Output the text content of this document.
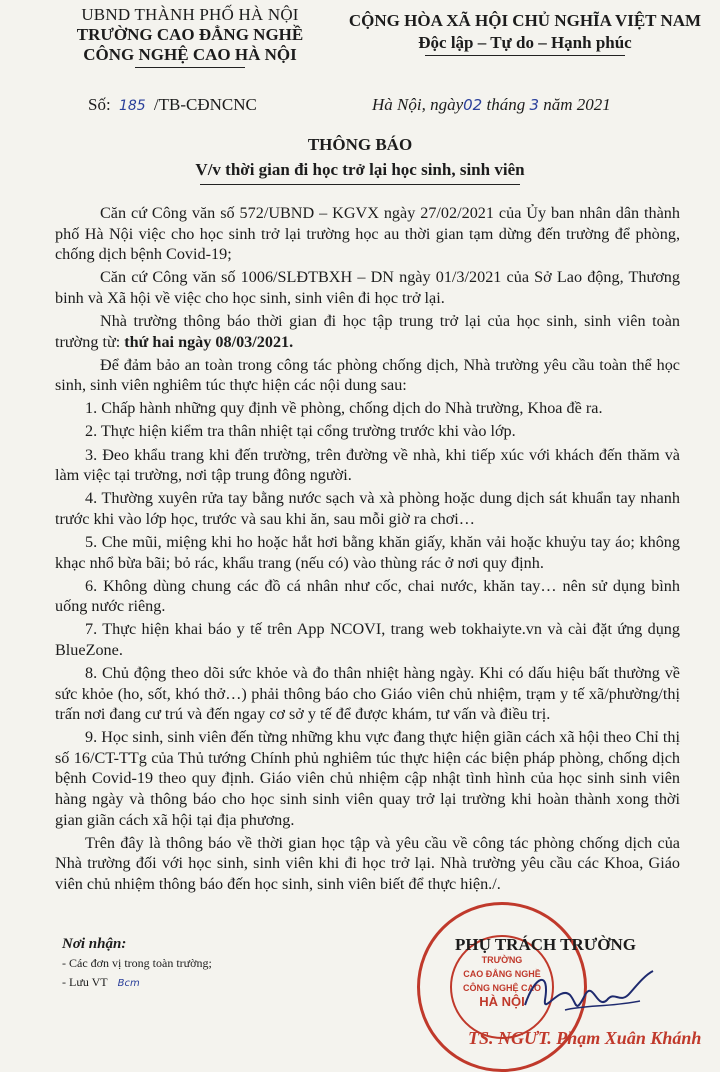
UBND THÀNH PHỐ HÀ NỘI
TRƯỜNG CAO ĐẲNG NGHỀ
CÔNG NGHỆ CAO HÀ NỘI
CỘNG HÒA XÃ HỘI CHỦ NGHĨA VIỆT NAM
Độc lập – Tự do – Hạnh phúc
Số: 185 /TB-CĐNCNC	Hà Nội, ngày02 tháng 3 năm 2021
THÔNG BÁO
V/v thời gian đi học trở lại học sinh, sinh viên

Căn cứ Công văn số 572/UBND – KGVX ngày 27/02/2021 của Ủy ban nhân dân thành phố Hà Nội việc cho học sinh trở lại trường học au thời gian tạm dừng đến trường để phòng, chống dịch bệnh Covid-19;

Căn cứ Công văn số 1006/SLĐTBXH – DN ngày 01/3/2021 của Sở Lao động, Thương binh và Xã hội về việc cho học sinh, sinh viên đi học trở lại.

Nhà trường thông báo thời gian đi học tập trung trở lại của học sinh, sinh viên toàn trường từ: thứ hai ngày 08/03/2021.

Để đảm bảo an toàn trong công tác phòng chống dịch, Nhà trường yêu cầu toàn thể học sinh, sinh viên nghiêm túc thực hiện các nội dung sau:

1. Chấp hành những quy định về phòng, chống dịch do Nhà trường, Khoa đề ra.

2. Thực hiện kiểm tra thân nhiệt tại cổng trường trước khi vào lớp.

3. Đeo khẩu trang khi đến trường, trên đường về nhà, khi tiếp xúc với khách đến thăm và làm việc tại trường, nơi tập trung đông người.

4. Thường xuyên rửa tay bằng nước sạch và xà phòng hoặc dung dịch sát khuẩn tay nhanh trước khi vào lớp học, trước và sau khi ăn, sau mỗi giờ ra chơi…

5. Che mũi, miệng khi ho hoặc hắt hơi bằng khăn giấy, khăn vải hoặc khuỷu tay áo; không khạc nhổ bừa bãi; bỏ rác, khẩu trang (nếu có) vào thùng rác ở nơi quy định.

6. Không dùng chung các đồ cá nhân như cốc, chai nước, khăn tay… nên sử dụng bình uống nước riêng.

7. Thực hiện khai báo y tế trên App NCOVI, trang web tokhaiyte.vn và cài đặt ứng dụng BlueZone.

8. Chủ động theo dõi sức khỏe và đo thân nhiệt hàng ngày. Khi có dấu hiệu bất thường về sức khỏe (ho, sốt, khó thở…) phải thông báo cho Giáo viên chủ nhiệm, trạm y tế xã/phường/thị trấn nơi đang cư trú và đến ngay cơ sở y tế để được khám, tư vấn và điều trị.

9. Học sinh, sinh viên đến từng những khu vực đang thực hiện giãn cách xã hội theo Chỉ thị số 16/CT-TTg của Thủ tướng Chính phủ nghiêm túc thực hiện các biện pháp phòng, chống dịch bệnh Covid-19 theo quy định. Giáo viên chủ nhiệm cập nhật tình hình của học sinh sinh viên hàng ngày và thông báo cho học sinh sinh viên quay trở lại trường khi hoàn thành xong thời gian giãn cách xã hội tại địa phương.

Trên đây là thông báo về thời gian học tập và yêu cầu về công tác phòng chống dịch của Nhà trường đối với học sinh, sinh viên khi đi học trở lại. Nhà trường yêu cầu các Khoa, Giáo viên chủ nhiệm thông báo đến học sinh, sinh viên biết để thực hiện./.

Nơi nhận:
- Các đơn vị trong toàn trường;
- Lưu VT Bcm
TRƯỜNG
CAO ĐẲNG NGHỀ
CÔNG NGHỆ CAO
HÀ NỘI
PHỤ TRÁCH TRƯỜNG
TS. NGƯT. Phạm Xuân Khánh
